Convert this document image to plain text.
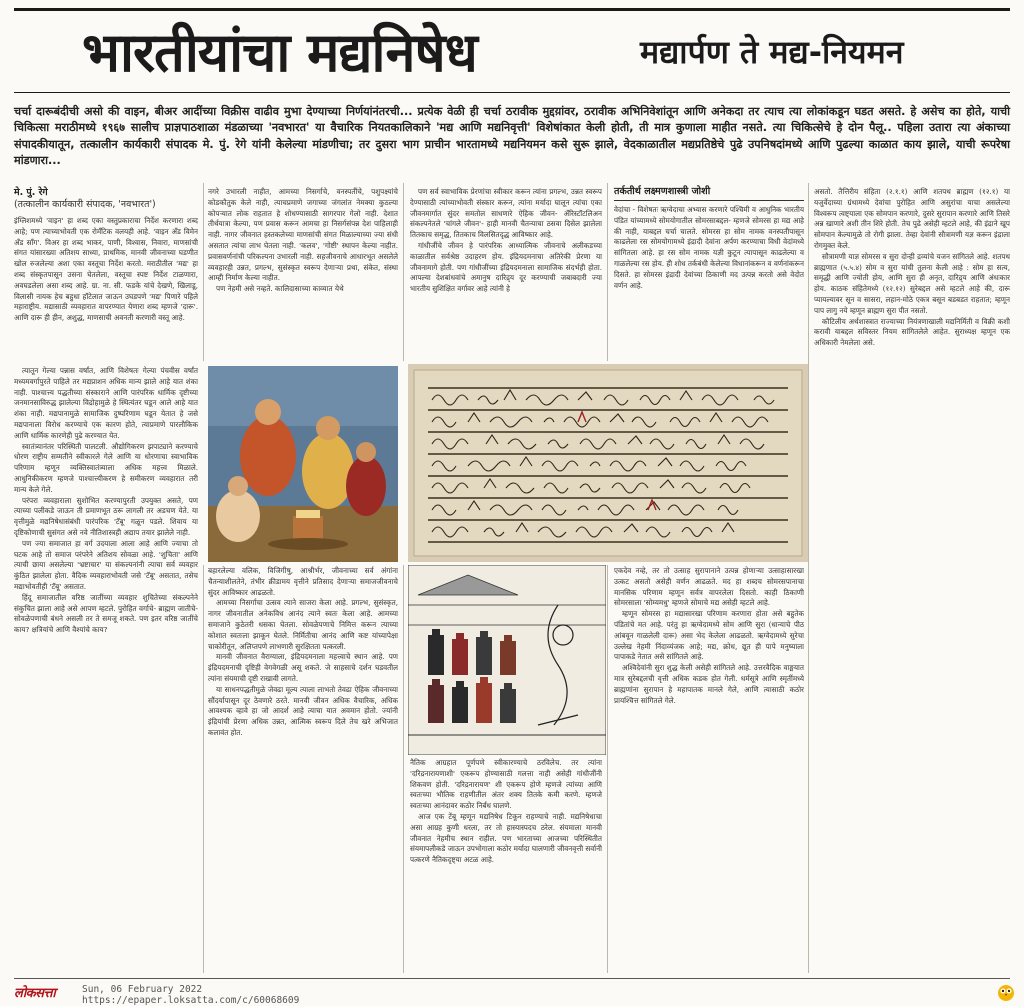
भारतीयांचा मद्यनिषेध	मद्यार्पण ते मद्य-नियमन
चर्चा दारूबंदीची असो की वाइन, बीअर आदींच्या विक्रीस वाढीव मुभा देण्याच्या निर्णयांनंतरची... प्रत्येक वेळी ही चर्चा ठरावीक मुद्दय़ांवर, ठरावीक अभिनिवेशांतून आणि अनेकदा तर त्याच त्या लोकांकडून घडत असते. हे असेच का होते, याची चिकित्सा मराठीमध्ये १९६७ सालीच प्राज्ञपाठशाळा मंडळाच्या 'नवभारत' या वैचारिक नियतकालिकाने 'मद्य आणि मद्यनिवृत्ती' विशेषांकात केली होती, ती मात्र कुणाला माहीत नसते. त्या चिकित्सेचे हे दोन पैलू.. पहिला उतारा त्या अंकाच्या संपादकीयातून, तत्कालीन कार्यकारी संपादक मे. पुं. रेगे यांनी केलेल्या मांडणीचा; तर दुसरा भाग प्राचीन भारतामध्ये मद्यनियमन कसे सुरू झाले, वेदकाळातील मद्यप्रतिष्ठेचे पुढे उपनिषदांमध्ये आणि पुढल्या काळात काय झाले, याची रूपरेषा मांडणारा...
मे. पुं. रेगे
(तत्कालीन कार्यकारी संपादक, 'नवभारत')
तर्कतीर्थ लक्ष्मणशास्त्री जोशी

इंग्लिशमध्ये 'वाइन' हा शब्द एका वस्तुप्रकाराचा निर्देश करणारा शब्द आहे; पण त्याच्याभोवती एक रोमँटिक वलयही आहे. 'वाइन अँड विमेन अँड साँग'. विअर हा शब्द भाकर, पाणी, विश्वास, निवारा, माणसांची संगत यांसारख्या अतिशय साध्या, प्राथमिक, मानवी जीवनाच्या घडणीत खोल रुजलेल्या अशा एका वस्तूचा निर्देश करतो. मराठीतील 'मद्य' हा शब्द संस्कृतपासून उसना घेतलेला, वस्तूचा स्पष्ट निर्देश टाळणारा, अवघडलेला असा शब्द आहे. ग्रा. ना. सी. फडके यांचे देखणे, खिलाडू, विलासी नायक हेच बहुधा हॉटेलात जाऊन उघडपणे 'मद्य' पिणारे पहिले महाराष्ट्रीय. मद्यासाठी व्यवहारात वापरण्यात येणारा शब्द म्हणजे 'दारू'. आणि दारू ही हीन, अशुद्ध, माणसाची अवनती करणारी वस्तू आहे.

नगरे उभारली नाहीत, आमच्या निसर्गाचे, वनस्पतींचे, पशुपक्ष्यांचे कोडकौतुक केले नाही, त्याचप्रमाणे जगाच्या जंगलांत नेमक्या कुठल्या कोपऱ्यात लोक राहतात हे शोधण्यासाठी सागरपार गेलो नाही. देशात तीर्थयात्रा केल्या, पण प्रवास करून आमचा हा निसर्गसंपन्न देश पाहिलाही नाही. नागर जीवनात हस्तकलेच्या माणसांची संगत मिळाल्याच्या ज्या संधी असतात त्यांचा लाभ घेतला नाही. 'कलव', 'गोष्टी' स्थापन केल्या नाहीत. प्रवासवर्णनांची परिकल्पना उभारली नाही. सहजीवनाचे आधारभूत असलेले व्यवहारही उन्नत, प्रगल्भ, सुसंस्कृत स्वरूप देणाऱ्या प्रथा, संकेत, संस्था आम्ही निर्माण केल्या नाहीत.

पण नेहमी असे नव्हते. कालिदासाच्या काव्यात येथे

पण सर्व स्वाभाविक प्रेरणांचा स्वीकार करून त्यांना प्रगल्भ, उन्नत स्वरूप देण्यासाठी त्यांच्याभोवती संस्कार करून, त्यांना मर्यादा घालून त्यांचा एका जीवनमार्गात सुंदर समतोल साधणारे ऐहिक जीवन- ॲरिस्टॉटलिअन संकल्पनेतले 'चांगले जीवन'- हाही मानवी चैतन्याचा ठसवा दिसेल झालेला तितकाच समृद्ध, तितकाच विलसितदृद्ध आविष्कार आहे.

गांधीजींचे जीवन हे पारंपरिक आध्यात्मिक जीवनाचे अलीकडच्या काळातील सर्वश्रेष्ठ उदाहरण होय. इंद्रियदमनाचा अतिरेकी प्रेरणा या जीवनामागे होती. पण गांधीजींच्या इंद्रियदमनाला सामाजिक संदर्भही होता. आपल्या देशबांधवांचे अमानुष दारिद्र्य दूर करण्याची जबाबदारी ज्या भारतीय सुशिक्षित वर्गावर आहे त्यांनी हे

वेदांचा - विशेषतः ऋग्वेदाचा अभ्यास करणारे पश्चिमी व आधुनिक भारतीय पंडित यांच्यामध्ये सोमयोगातील सोमरसाबद्दल- म्हणजे सोमरस हा मद्य आहे की नाही, याबद्दल चर्चा चालते. सोमरस हा सोम नामक वनस्पतीपासून काढलेला रस सोमयोगामध्ये इंद्रादी देवांना अर्पण करण्याचा विधी वेदांमध्ये सांगितला आहे. हा रस सोम नामक यज्ञी कुटून त्यापासून काढलेल्या व गाळलेल्या रस होय. ही शोध तर्कबंधी केलेल्या विधानांकरून व वर्णनांकरून दिसते. हा सोमरस इंद्रादी देवांच्या ठिकाणी मद उत्पन्न करतो असे वेदोत वर्णन आहे.

असतो. तैत्तिरीय संहिता (२.१.१) आणि शतपथ ब्राह्मण (१२.१) या यजुर्वेदाच्या ग्रंथामध्ये देवांचा पुरोहित आणि असुरांचा याचा असलेल्या विश्वरूप त्वष्ट्याला एक सोमपान करणारे, दुसरे सुरापान करणारे आणि तिसरे अन्न खाणारे अशी तीन शिरे होती. तेच पुढे असेही म्हटले आहे, की इंद्राने खूप सोमपान केल्यामुळे तो रोगी झाला. तेव्हा देवांनी सौत्रामणी यज्ञ करून इंद्राला रोगमुक्त केले.

सौत्रामणी याज्ञ सोमरस व सुरा दोन्ही द्रव्यांचे यजन सांगितले आहे. शतपथ ब्राह्मणात (५.५.४) सोम व सुरा यांची तुलना केली आहे : सोम हा सत्य, समृद्धी आणि ज्योती होय, आणि सुरा ही अनृत, दारिद्र्य आणि अंधःकार होय. काठक संहितेमध्ये (१२.१२) सुरेबद्दल असे म्हटले आहे की, दारू प्यायल्यावर सून व सासरा, लहान-मोठे एकत्र बसून बडबडत राहतात; म्हणून पाप लागु नये म्हणून ब्राह्मण सुरा पीत नसतो.

कौटिलीय अर्थशास्त्रात राज्याच्या नियंत्रणाखाली मद्यनिर्मिती व विक्री कशी करावी याबद्दल सविस्तर नियम सांगितलेले आहेत. सुराध्यक्ष म्हणून एक अधिकारी नेमलेला असे.

त्यातून गेल्या पन्नास वर्षांत, आणि विशेषतः गेल्या पंचवीस वर्षांत मध्यमवर्गापुरते पाहिले तर मद्यप्राशन अधिक मान्य झाले आहे यात शंका नाही. पाश्चात्त्य पद्धतीच्या संस्काराने आणि पारंपरिक धार्मिक दृष्टीच्या जनमानसाविरुद्ध झालेल्या विद्रोहामुळे हे स्थित्यंतर घडून आले आहे यात शंका नाही. मद्यपानामुळे सामाजिक दुष्परिणाम घडून येतात हे जसे मद्यपानाला विरोध करण्याचे एक कारण होते, त्याप्रमाणे पारलौकिक आणि धार्मिक कारणेही पुढे करण्यात येत.

स्वातंत्र्यानंतर परिस्थिती पालटली. औद्योगिकरण झपाट्याने करण्याचे धोरण राष्ट्रीय सम्मतीने स्वीकारले गेले आणि या धोरणाचा स्वाभाविक परिणाम म्हणून व्यक्तिस्वातंत्र्याला अधिक महत्त्व मिळाले. आधुनिकीकरण म्हणजे पाश्चात्त्यीकरण हे समीकरण व्यवहारात तरी मान्य केले गेले.

परंपरा व्यवहाराला सुशोभित करण्यापुरती उपयुक्त असते, पण त्याच्या पलीकडे जाऊन ती प्रमाणभूत ठरू लागली तर अडचण येते. या वृत्तीमुळे मद्यनिषेधासंबंधी पारंपरिक 'टॅबू' गळून पडले. शिवाय या दृष्टिकोणाची सुसंगत असे नवे नीतिशास्त्रही अद्याप तयार झालेले नाही.

पण ज्या समाजात हा वर्ग उदयाला आला आहे आणि ज्याचा तो घटक आहे तो समाज परंपरेने अतिशय सोवळा आहे. 'शुचिता' आणि त्याची छाया असलेल्या 'भ्रष्टाचार' या संकल्पनांनी त्याचा सर्व व्यवहार कुंठित झालेला होता. वैदिक व्यवहाराभोवती जसे 'टॅबू' असतात, तसेच मद्याभोवतीही 'टॅबू' असतात.

हिंदू समाजातील वरिष्ठ जातींच्या व्यवहार शुचितेच्या संकल्पनेने संकुचित झाला आहे असे आपण म्हटले. पुरोहित वर्गाचे- ब्राह्मण जातीचे- सोवळेपणाची बंधने असली तर ते समजू शकते. पण इतर वरिष्ठ जातींचे काय? क्षत्रियांचे आणि वैश्यांचे काय?

बहारलेल्या वलिक, विजिगीषु, आश्रीर्भर, जीवनाच्या सर्व अंगांना चैतन्याशीलतेने, तंभीर क्रीडामय वृत्तीने प्रतिसाद देणाऱ्या समाजजीवनाचे सुंदर आविष्कार आढळतो.

आमच्या निसर्गाचा उत्सव त्याने साजरा केला आहे. प्रगल्भ, सुसंस्कृत, नागर जीवनातील अनेकविध आनंद त्याने स्वतः केला आहे. आमच्या समाजाने कुठेतरी धसका घेतला. सोवळेपणाचे निमित्त करून त्याच्या कोशात स्वतःला झाकून घेतले. निर्मितीचा आनंद आणि कष्ट यांच्यापेक्षा चाकोरीतून, अलिप्तपणे लाभणारी सुरक्षितता पत्करली.

मानवी जीवनात वैराग्याला, इंद्रियदमनाला महत्त्वाचे स्थान आहे. पण इंद्रियदमनाची दृष्टिही वेगवेगळी असू शकते. जे साहसाचे दर्शन घडवतील त्यांना संयमाची दृष्टी राखावी लागते.

या साधनपद्धतीमुळे जेवढा मूल्य त्याला लाभतो तेवढा ऐहिक जीवनाच्या सौंदर्यापासून दूर ठेवणारे ठरते. मानवी जीवन अधिक वैचारिक, अधिक आवश्यक व्हावे हा जो आदर्श आहे त्याचा यात अवमान होतो. ज्यांनी इंद्रियांची प्रेरणा अधिक उन्नत, आत्मिक स्वरूप दिले तेच खरे अभिजात कलावंत होत.

नैतिक आग्रहात पूर्णपणे स्वीकारण्याचे ठरविलेच. तर त्यांना 'दरिद्रनारायणाशी' एकरूप होण्यासाठी गलत्ता नाही असेही गांधीजींनी शिकवण होती. 'दरिद्रनारायण' शी एकरूप होणे म्हणजे त्यांच्या आणि स्वतःच्या भौतिक राहणीतील अंतर शक्य तितके कमी करणे. म्हणजे स्वतःच्या आनंदावर कठोर निर्बंध घालणे.

आज एक टेंबू म्हणून मद्यनिषेध टिकून राहण्याचे नाही. मद्यनिषेधाचा असा आग्रह कुणी धरला, तर तो हास्यास्पदच ठरेल. संयमाला मानवी जीवनात नेहमीच स्थान राहील. पण भारताच्या आजच्या परिस्थितीत संयमापलीकडे जाऊन उपभोगाला कठोर मर्यादा घालणारी जीवनवृत्ती सर्वानी पत्करणे नैतिकदृष्ट्या अटळ आहे.

एकदेव नव्हे, तर तो उत्साह सुरापानाने उत्पन्न होणाऱ्या उत्साहासारखा उत्कट असतो असेही वर्णन आढळते. मद हा शब्दच सोमरसपानाचा मानसिक परिणाम म्हणून सर्वत्र वापरलेला दिसतो. काही ठिकाणी सोमरसाला 'सोम्यमधु' म्हणजे सोमाचे मद्य असेही म्हटले आहे.

म्हणून सोमरस हा मद्यासारखा परिणाम करणारा होता असे बहुतेक पंडितांचे मत आहे. परंतु हा ऋग्वेदामध्ये सोम आणि सुरा (धान्याचे पीठ आंबवून गाळलेली दारू) असा भेद केलेला आढळतो. ऋग्वेदामध्ये सुरेचा उल्लेख नेहमी निंदाव्यंजक आहे; मद्य, क्रोध, द्यूत ही पापे मनुष्याला पापाकडे नेतात असे सांगितले आहे.

अश्विदेवांनी सुरा शुद्ध केली असेही सांगितले आहे. उत्तरवैदिक वाङ्मयात मात्र सुरेबद्दलची वृत्ती अधिक कडक होत गेली. धर्मसूत्रे आणि स्मृतींमध्ये ब्राह्मणांना सुरापान हे महापातक मानले गेले, आणि त्यासाठी कठोर प्रायश्चित्त सांगितले गेले.

लोकसत्ता	Sun, 06 February 2022
https://epaper.loksatta.com/c/60068609
